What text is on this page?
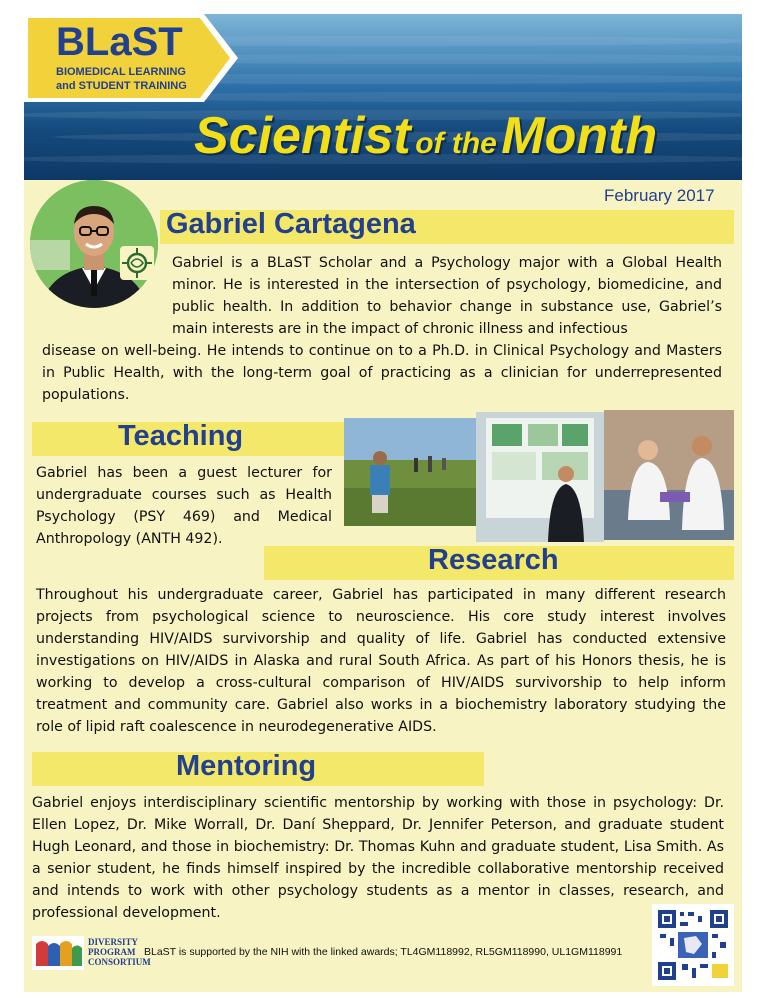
BLaST
BIOMEDICAL LEARNING
and STUDENT TRAINING
Scientist of the Month
February 2017
Gabriel Cartagena
Gabriel is a BLaST Scholar and a Psychology major with a Global Health minor. He is interested in the intersection of psychology, biomedicine, and public health. In addition to behavior change in substance use, Gabriel’s main interests are in the impact of chronic illness and infectious
disease on well-being. He intends to continue on to a Ph.D. in Clinical Psychology and Masters in Public Health, with the long-term goal of practicing as a clinician for underrepresented populations.
Teaching
Gabriel has been a guest lecturer for undergraduate courses such as Health Psychology (PSY 469) and Medical Anthropology (ANTH 492).
Research
Throughout his undergraduate career, Gabriel has participated in many different research projects from psychological science to neuroscience. His core study interest involves understanding HIV/AIDS survivorship and quality of life. Gabriel has conducted extensive investigations on HIV/AIDS in Alaska and rural South Africa. As part of his Honors thesis, he is working to develop a cross-cultural comparison of HIV/AIDS survivorship to help inform treatment and community care. Gabriel also works in a biochemistry laboratory studying the role of lipid raft coalescence in neurodegenerative AIDS.
Mentoring
Gabriel enjoys interdisciplinary scientific mentorship by working with those in psychology: Dr. Ellen Lopez, Dr. Mike Worrall, Dr. Daní Sheppard, Dr. Jennifer Peterson, and graduate student Hugh Leonard, and those in biochemistry: Dr. Thomas Kuhn and graduate student, Lisa Smith. As a senior student, he finds himself inspired by the incredible collaborative mentorship received and intends to work with other psychology students as a mentor in classes, research, and professional development.
DIVERSITY
PROGRAM
CONSORTIUM
BLaST is supported by the NIH with the linked awards; TL4GM118992, RL5GM118990, UL1GM118991
